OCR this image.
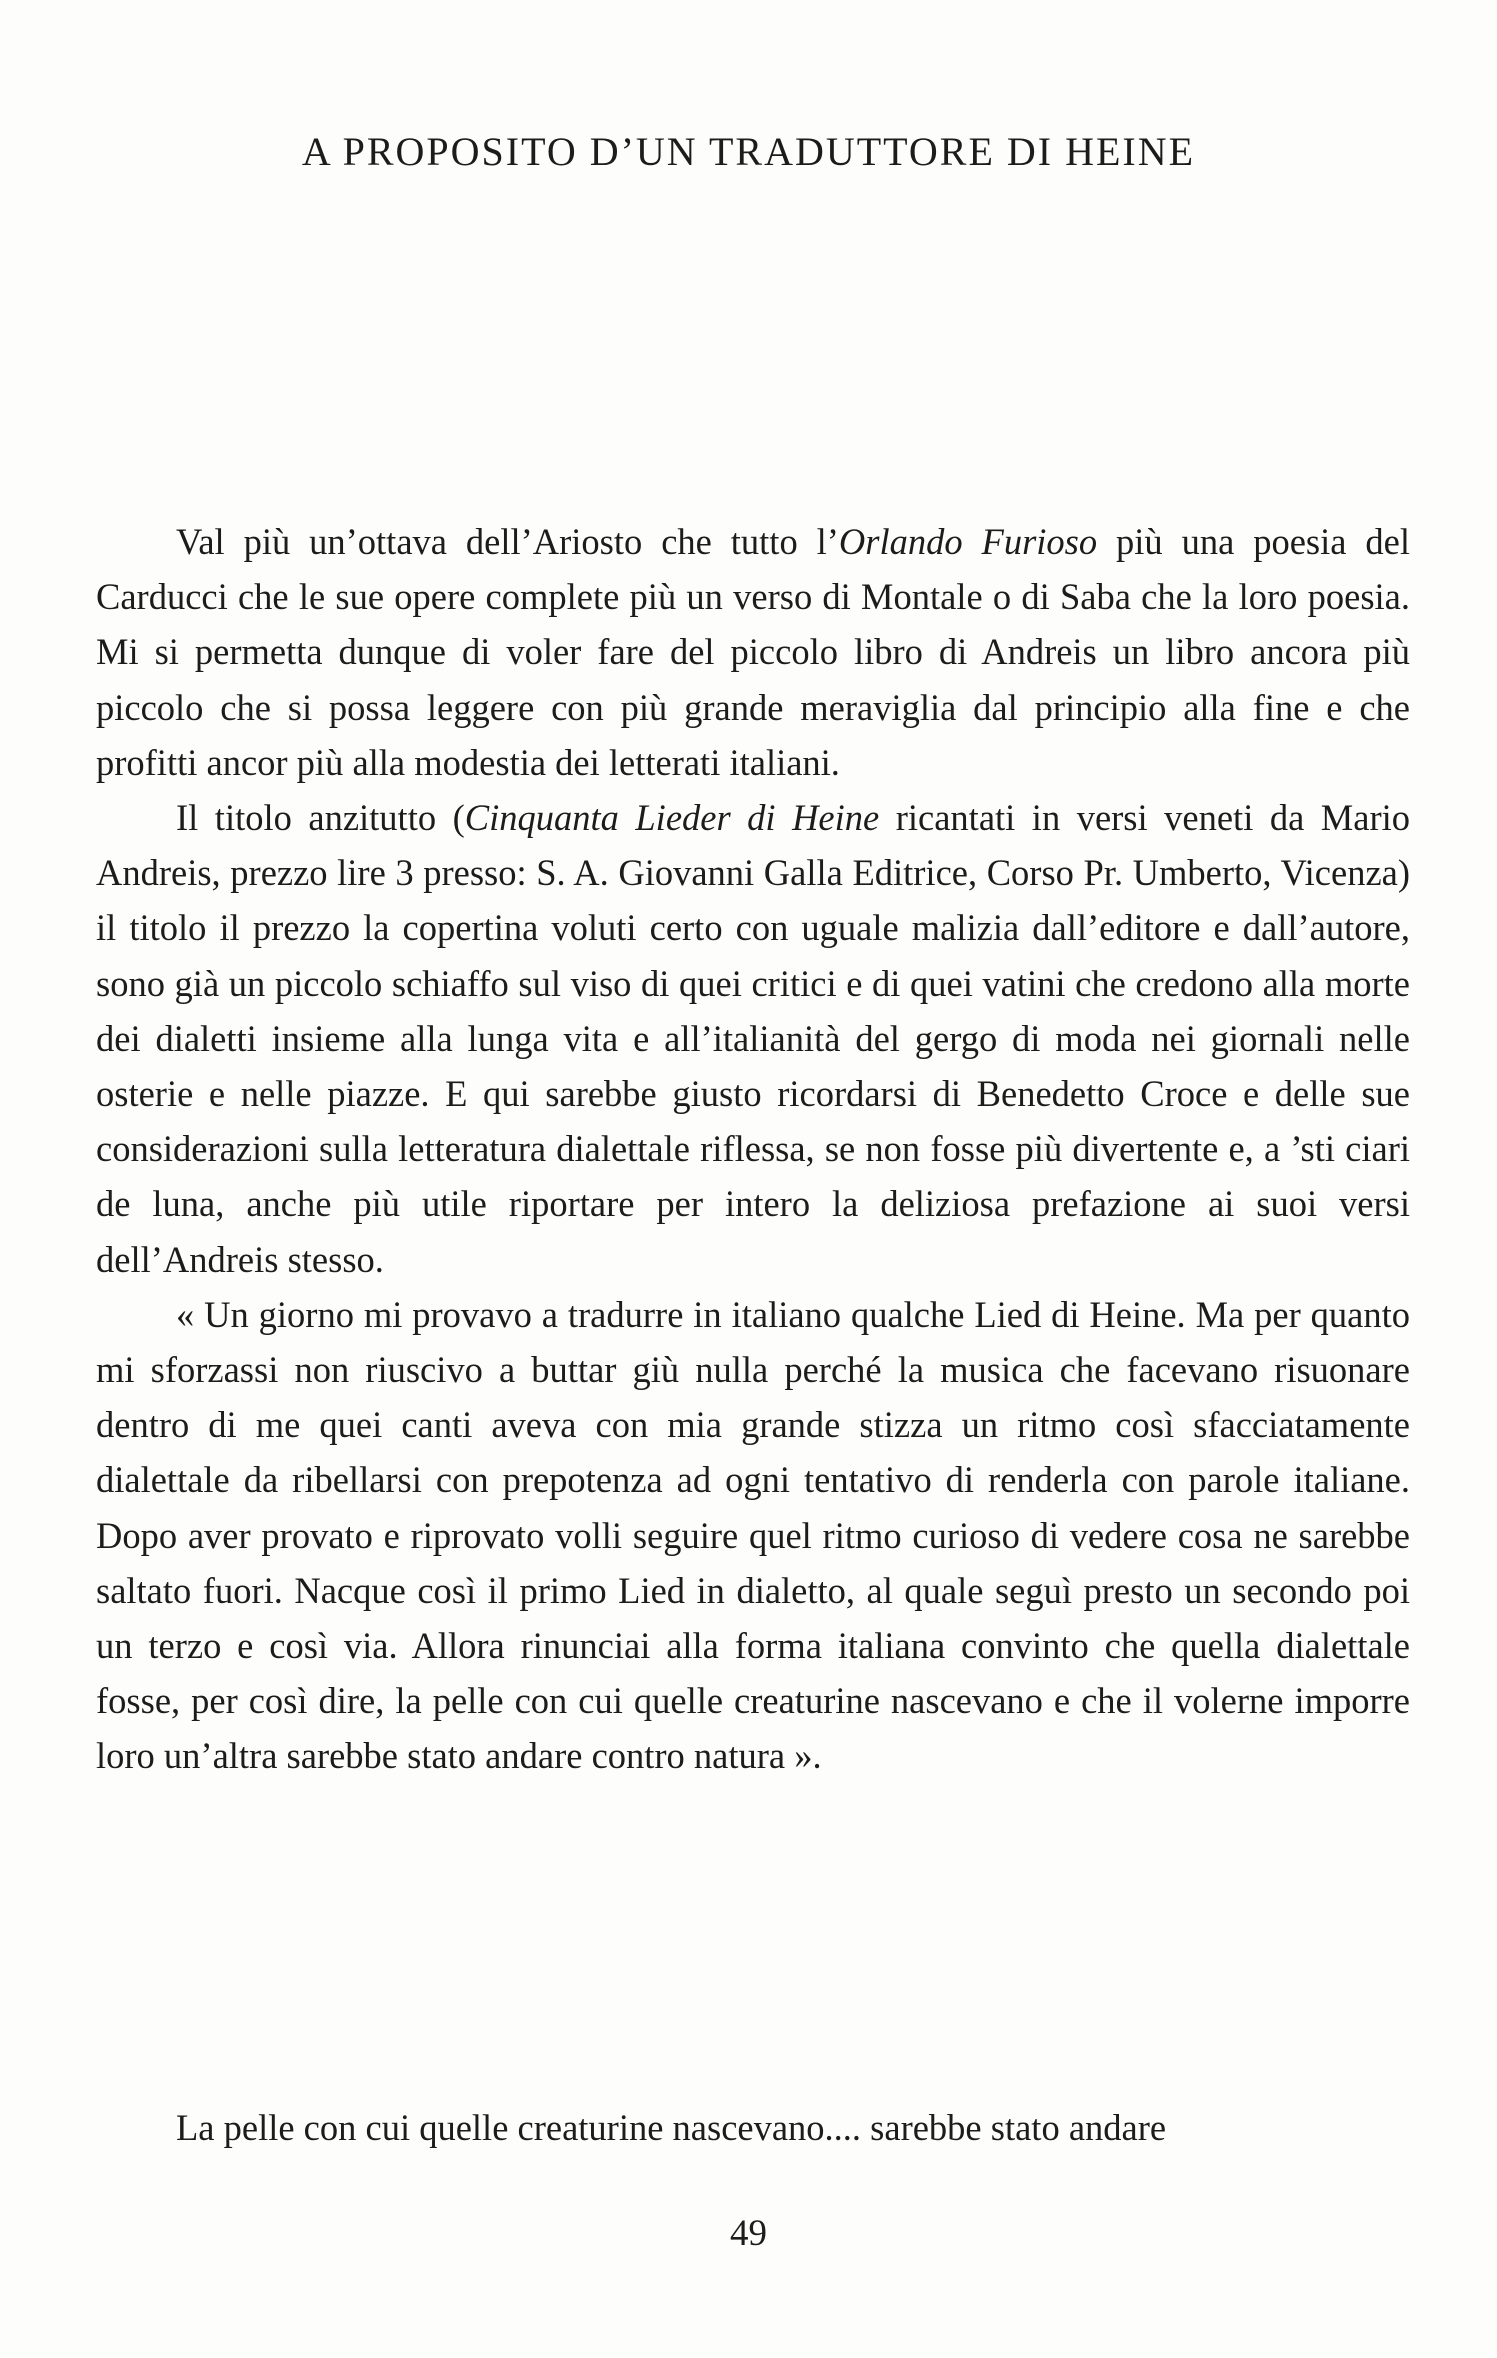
A PROPOSITO D’UN TRADUTTORE DI HEINE

Val più un’ottava dell’Ariosto che tutto l’Orlando Furioso più una poesia del Carducci che le sue opere complete più un verso di Montale o di Saba che la loro poesia. Mi si permetta dunque di voler fare del piccolo libro di Andreis un libro ancora più piccolo che si possa leggere con più grande meraviglia dal principio alla fine e che profitti ancor più alla modestia dei letterati italiani.

Il titolo anzitutto (Cinquanta Lieder di Heine ricantati in versi veneti da Mario Andreis, prezzo lire 3 presso: S. A. Giovanni Galla Editrice, Corso Pr. Umberto, Vicenza) il titolo il prezzo la copertina voluti certo con uguale malizia dall’editore e dall’autore, sono già un piccolo schiaffo sul viso di quei critici e di quei vatini che credono alla morte dei dialetti insieme alla lunga vita e all’italianità del gergo di moda nei giornali nelle osterie e nelle piazze. E qui sarebbe giusto ricordarsi di Benedetto Croce e delle sue considerazioni sulla letteratura dialettale riflessa, se non fosse più divertente e, a ’sti ciari de luna, anche più utile riportare per intero la deliziosa prefazione ai suoi versi dell’Andreis stesso.

« Un giorno mi provavo a tradurre in italiano qualche Lied di Heine. Ma per quanto mi sforzassi non riuscivo a buttar giù nulla perché la musica che facevano risuonare dentro di me quei canti aveva con mia grande stizza un ritmo così sfacciatamente dialettale da ribellarsi con prepotenza ad ogni tentativo di renderla con parole italiane. Dopo aver provato e riprovato volli seguire quel ritmo curioso di vedere cosa ne sarebbe saltato fuori. Nacque così il primo Lied in dialetto, al quale seguì presto un secondo poi un terzo e così via. Allora rinunciai alla forma italiana convinto che quella dialettale fosse, per così dire, la pelle con cui quelle creaturine nascevano e che il volerne imporre loro un’altra sarebbe stato andare contro natura ».

La pelle con cui quelle creaturine nascevano.... sarebbe stato andare

49
